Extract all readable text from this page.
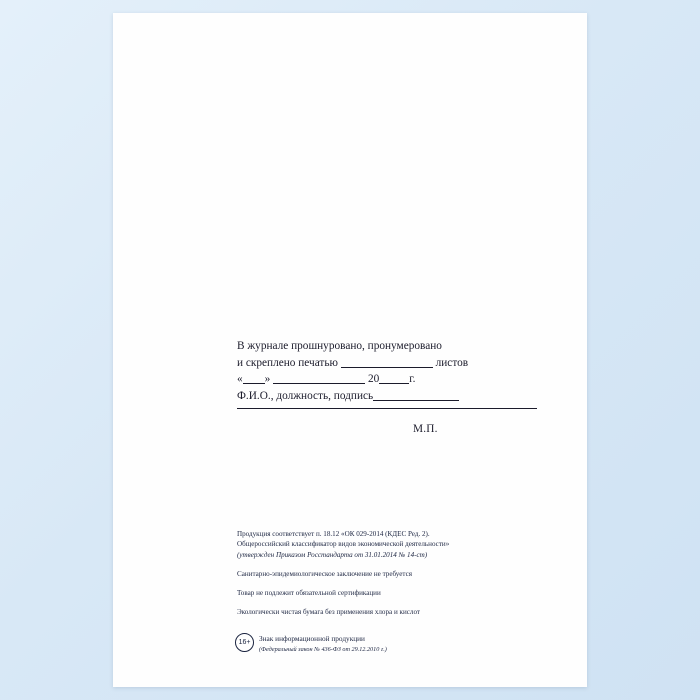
В журнале прошнуровано, пронумеровано
и скреплено печатью	листов
« »	20	г.
Ф.И.О., должность, подпись
М.П.
Продукция соответствует п. 18.12 «ОК 029-2014 (КДЕС Ред. 2).
Общероссийский классификатор видов экономической деятельности»
(утвержден Приказом Росстандарта от 31.01.2014 № 14-ст)
Санитарно-эпидемиологическое заключение не требуется
Товар не подлежит обязательной сертификации
Экологически чистая бумага без применения хлора и кислот
16+	Знак информационной продукции
(Федеральный закон № 436-ФЗ от 29.12.2010 г.)
